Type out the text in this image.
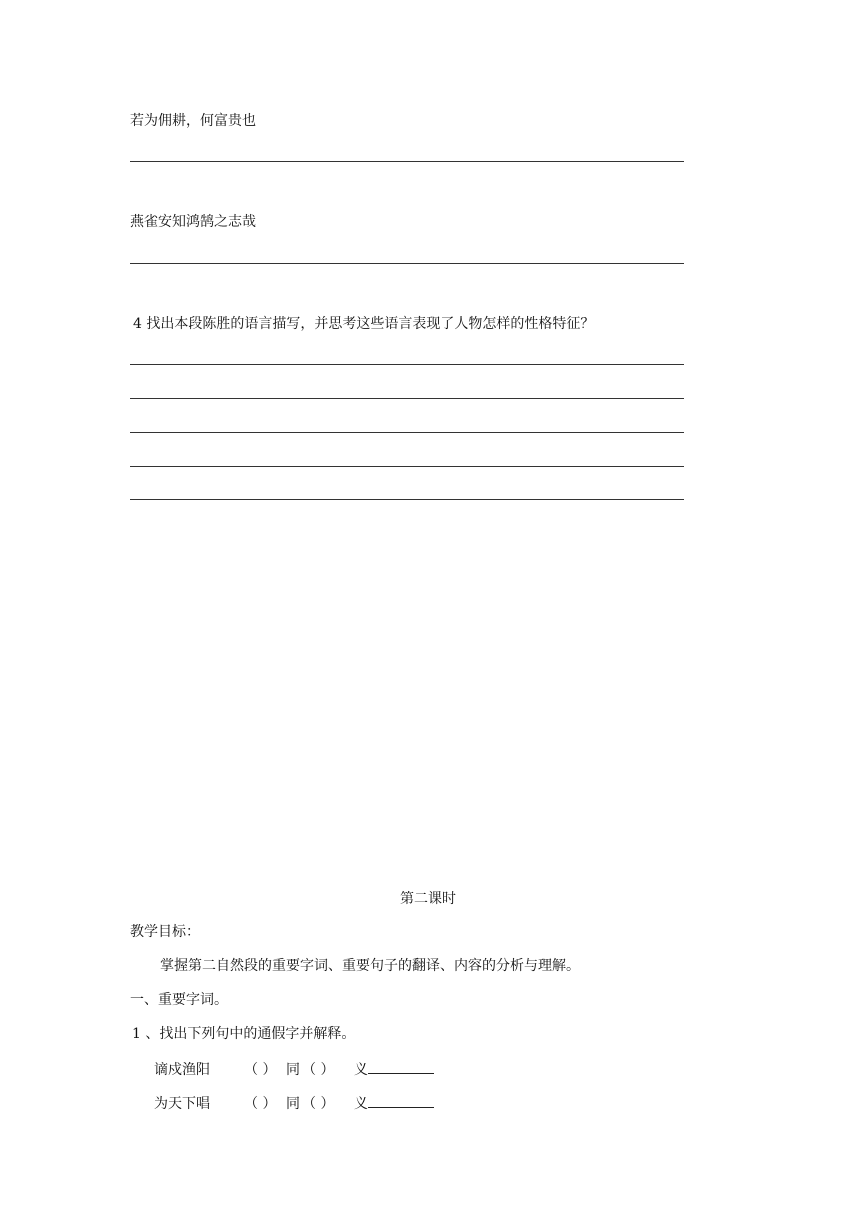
若为佣耕，何富贵也
燕雀安知鸿鹄之志哉
4 找出本段陈胜的语言描写，并思考这些语言表现了人物怎样的性格特征？
第二课时
教学目标：
掌握第二自然段的重要字词、重要句子的翻译、内容的分析与理解。
一、重要字词。
1 、找出下列句中的通假字并解释。
谪戍渔阳 （ ） 同 （ ） 义
为天下唱 （ ） 同 （ ） 义
